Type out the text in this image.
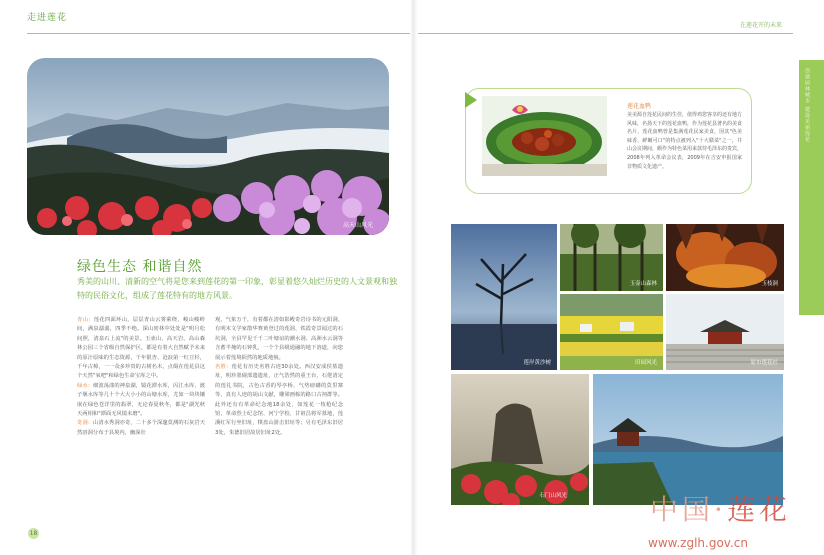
走进莲花
在莲花开的未来
创建园林城市 建设美丽莲花
高天山风光
绿色生态 和谐自然
秀美的山川、清新的空气将是您来到莲花的第一印象，彰显着悠久灿烂历史的人文景观和独特的民俗文化，组成了莲花特有的地方风景。
青山：莲花四面环山，层层青山云雾萦绕，峻山峻岭间，满泉潺潺，四季不绝。深山密林中处处是"明月松间照，清泉石上流"的美景。玉壶山、高天岩、高山森林公园三个省级自然保护区，都是有着大自然赋予未来的原汁原味的生态资源，千年银杏、沧浪第一红豆杉，千年古樟，一一众多珍贵的古树名木，点缀在莲花县这个天然"氧吧"和绿色生命宝库之中。
绿水：细波荡漾的神泉湖，镜花潭水库，闪江水库，渡子堰水库等几十个大大小小的山塘水库，尤如一块块镶嵌在绿色苍洋里的翡翠，无论春夏秋冬，都是"湖光秋天两相和"潭面无风镜未磨"。
奇洞：山清水秀洞亦奇，二十多个深邃莫测的石灰岩天然溶洞分布于县境内，幽深壮
观，气象万千，有着都在清如影殿奇岩诗书的元阳洞、有明末文学家散华赛黄登过的莲洞、铁霞奇景闻过的石坑洞，全县罕见千千二叶塘谊的潮水洞、高洲水云洞等含蓄半掩的石钟乳，一个个县级通融的地下溶道，向您展示着莲境陌然的地质地貌。
名胜：莲花有历史名胜古迹30余处。西汉安成侯墓遗址，明珍墨砚部遗遗址，正气浩然的重王台，石佬清定的莲礼书院，古色古香的琴亭桥，气势磅礴的莫里寨等，真有人迹的胡山文献，雕梁画栋的路口古祠群等。此外还有有革命纪念地18余处，如莲花一枝枪纪念馆、革命烈士纪念馆、河宁学校、甘祖昌将军墓地，莲溪红军行坐旧址，棋盘山游击旧址等；另有毛泽东旧居3处，朱德旧居故居旧址2处。
18
莲花血鸭
美美源自莲花民间的生佳，值得鸡您客享的还有地方风味，名扬天下的莲花血鸭，作为莲花县著名的美食名片，莲花血鸭曾是集满莲花民家美食，因其"色美味香、鲜嫩可口"的特点被列入"十大赣菜"之一，井山会议期间，颇作为特色菜用来款待毛泽东的贵宾，2008年列入革命会议表，2009年在吉安申报国家非物质文化遗产。
莲岸黄沙树
玉壶山森林	玉枝洞
田园风光	原市莲花社
石门山风光	中国·莲花
www.zglh.gov.cn
